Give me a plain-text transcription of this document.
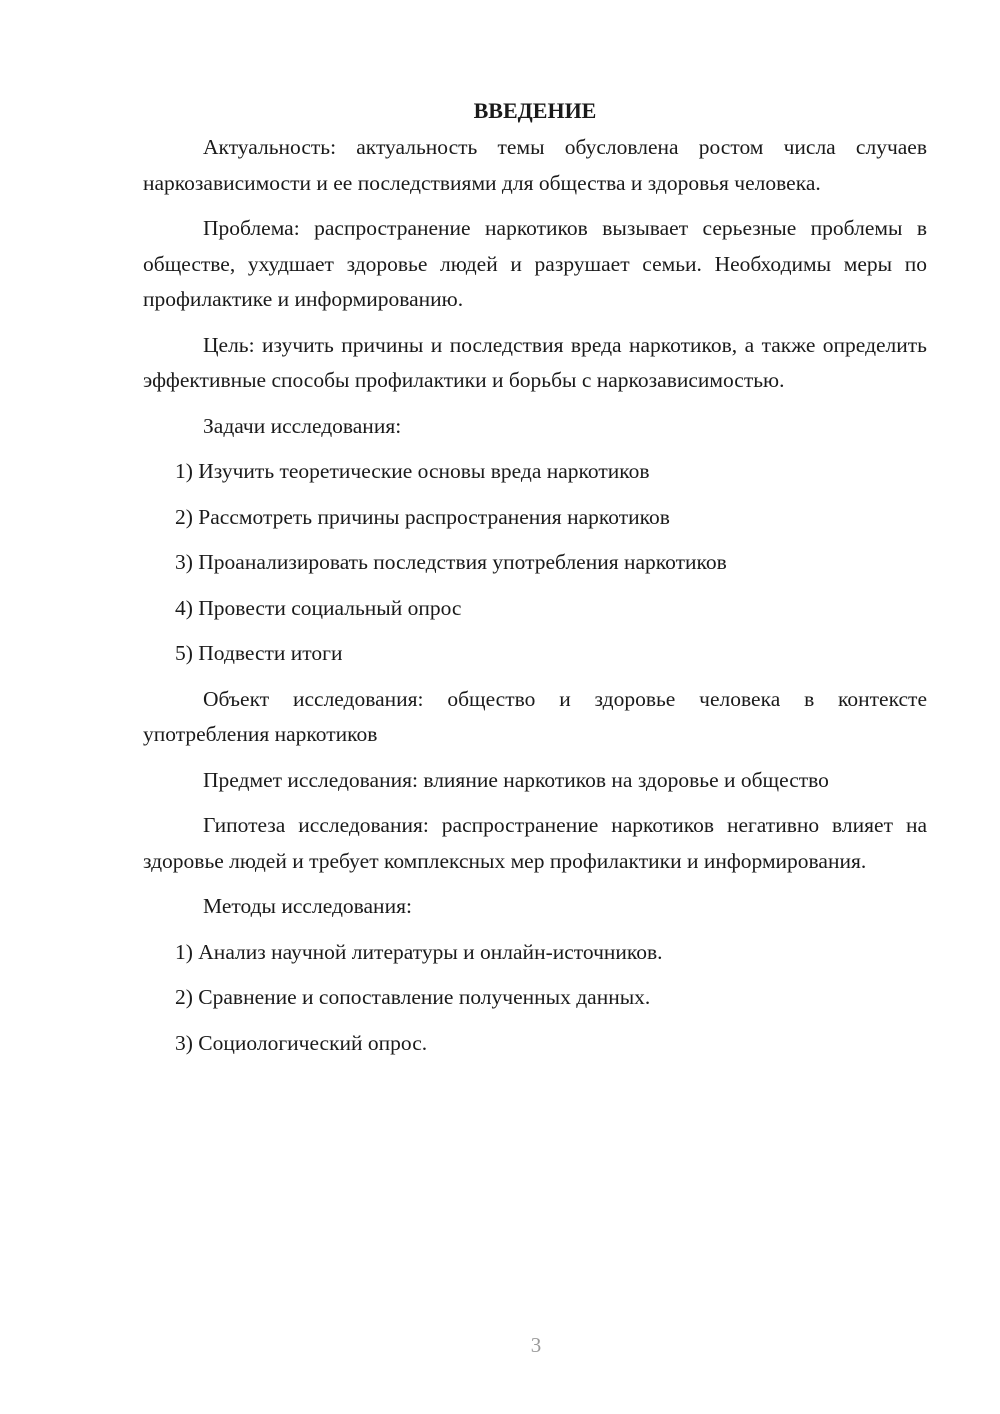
ВВЕДЕНИЕ

Актуальность: актуальность темы обусловлена ростом числа случаев наркозависимости и ее последствиями для общества и здоровья человека.

Проблема: распространение наркотиков вызывает серьезные проблемы в обществе, ухудшает здоровье людей и разрушает семьи. Необходимы меры по профилактике и информированию.

Цель: изучить причины и последствия вреда наркотиков, а также определить эффективные способы профилактики и борьбы с наркозависимостью.

Задачи исследования:

1) Изучить теоретические основы вреда наркотиков

2) Рассмотреть причины распространения наркотиков

3) Проанализировать последствия употребления наркотиков

4) Провести социальный опрос

5) Подвести итоги

Объект исследования: общество и здоровье человека в контексте употребления наркотиков

Предмет исследования: влияние наркотиков на здоровье и общество

Гипотеза исследования: распространение наркотиков негативно влияет на здоровье людей и требует комплексных мер профилактики и информирования.

Методы исследования:

1) Анализ научной литературы и онлайн-источников.

2) Сравнение и сопоставление полученных данных.

3) Социологический опрос.

3
